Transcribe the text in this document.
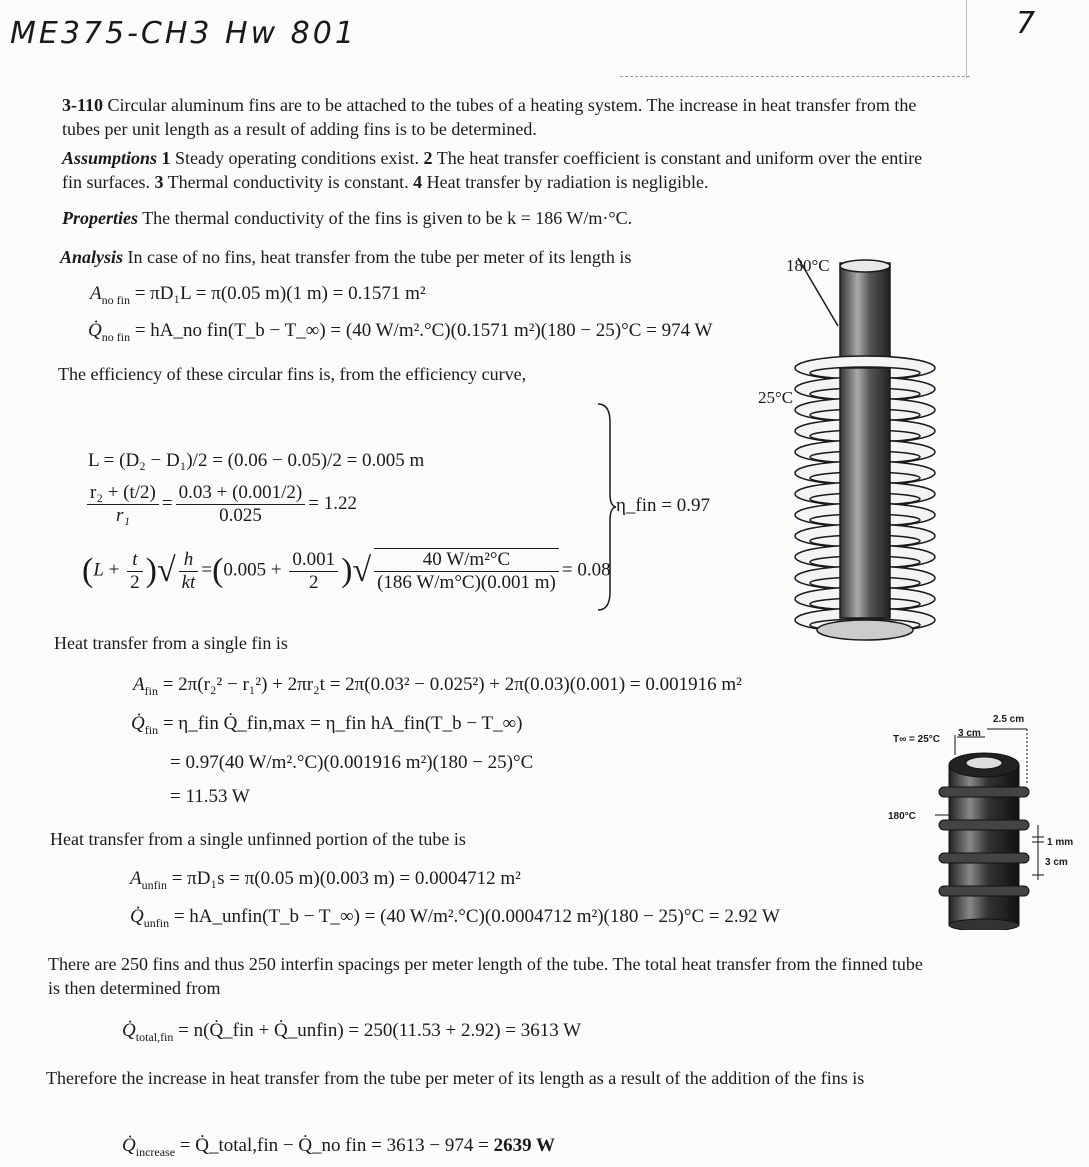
ME375-CH3 Hw 801	7
3-110 Circular aluminum fins are to be attached to the tubes of a heating system. The increase in heat transfer from the tubes per unit length as a result of adding fins is to be determined.
Assumptions 1 Steady operating conditions exist. 2 The heat transfer coefficient is constant and uniform over the entire fin surfaces. 3 Thermal conductivity is constant. 4 Heat transfer by radiation is negligible.
Properties The thermal conductivity of the fins is given to be k = 186 W/m·°C.
Analysis In case of no fins, heat transfer from the tube per meter of its length is
$A_{no fin} = \pi D_1L = \pi(0.05$ m)(1 m) = 0.1571 m²
$Q̇_{no fin}$ = hA_no fin(T_b − T_∞) = (40 W/m².°C)(0.1571 m²)(180 − 25)°C = 974 W
The efficiency of these circular fins is, from the efficiency curve,
L = (D₂ − D₁)/2 = (0.06 − 0.05)/2 = 0.005 m
$\frac{\text{r₂ + (t/2)}}{\text{r₁}} = \frac{0.03 + (0.001/2)}{0.025} = 1.22$
($L + \frac{t}{2}$ )√ $\frac{h}{kt} =(0.005 + \frac{0.001}{2}$ )√ $\frac{\text{40 W/m²°C}}{(186 W/m^\circ C)(0.001 m)} = 0.08$
η_fin = 0.97
Heat transfer from a single fin is
$A_{fin} = 2\pi(r_2^2 - r_1^2) + 2\pi r_2t = 2\pi(0.03^2 - 0.025^2) + 2\pi(0.03)(0.001) = 0.001916$ m²
$Q̇_{fin}$ = η_fin Q̇_fin,max = η_fin hA_fin(T_b − T_∞)
= 0.97(40 W/m².°C)(0.001916 m²)(180 − 25)°C
= 11.53 W
Heat transfer from a single unfinned portion of the tube is
$A_{unfin} = \pi D_1s = \pi(0.05$ m)(0.003 m) = 0.0004712 m²
$Q̇_{unfin}$ = hA_unfin(T_b − T_∞) = (40 W/m².°C)(0.0004712 m²)(180 − 25)°C = 2.92 W
There are 250 fins and thus 250 interfin spacings per meter length of the tube. The total heat transfer from the finned tube is then determined from
$Q̇_{total,fin}$ = n(Q̇_fin + Q̇_unfin) = 250(11.53 + 2.92) = 3613 W
Therefore the increase in heat transfer from the tube per meter of its length as a result of the addition of the fins is
$Q̇_{increase}$ = Q̇_total,fin − Q̇_no fin = 3613 − 974 = 2639 W
180°C
25°C
T∞ = 25°C
3 cm
2.5 cm
180°C
1 mm
3 cm
